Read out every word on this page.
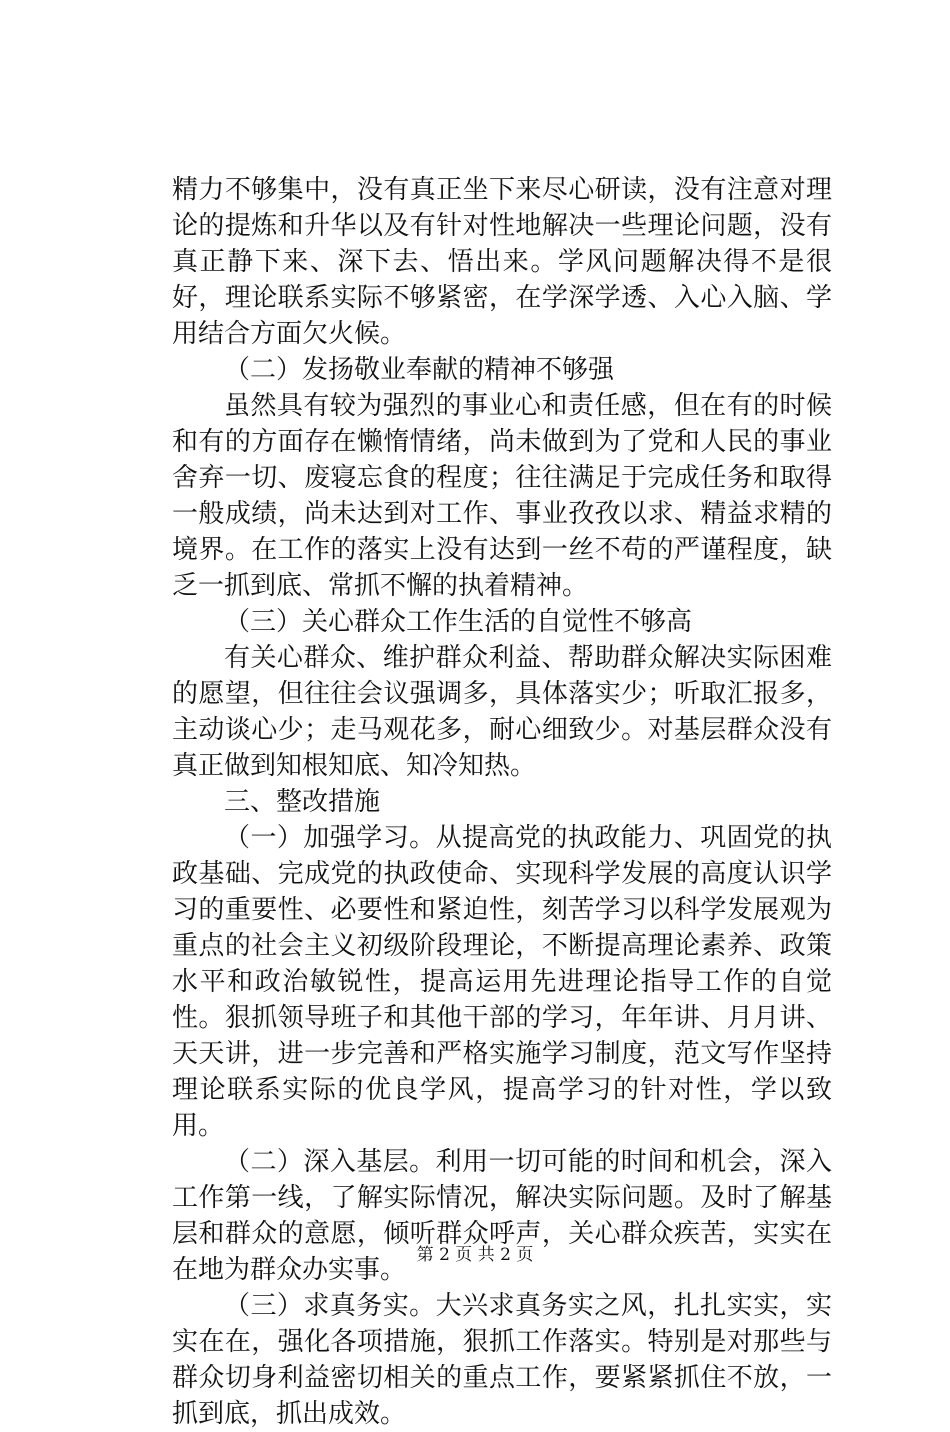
精力不够集中，没有真正坐下来尽心研读，没有注意对理论的提炼和升华以及有针对性地解决一些理论问题，没有真正静下来、深下去、悟出来。学风问题解决得不是很好，理论联系实际不够紧密，在学深学透、入心入脑、学用结合方面欠火候。

（二）发扬敬业奉献的精神不够强

虽然具有较为强烈的事业心和责任感，但在有的时候和有的方面存在懒惰情绪，尚未做到为了党和人民的事业舍弃一切、废寝忘食的程度；往往满足于完成任务和取得一般成绩，尚未达到对工作、事业孜孜以求、精益求精的境界。在工作的落实上没有达到一丝不苟的严谨程度，缺乏一抓到底、常抓不懈的执着精神。

（三）关心群众工作生活的自觉性不够高

有关心群众、维护群众利益、帮助群众解决实际困难的愿望，但往往会议强调多，具体落实少；听取汇报多，主动谈心少；走马观花多，耐心细致少。对基层群众没有真正做到知根知底、知冷知热。

三、整改措施

（一）加强学习。从提高党的执政能力、巩固党的执政基础、完成党的执政使命、实现科学发展的高度认识学习的重要性、必要性和紧迫性，刻苦学习以科学发展观为重点的社会主义初级阶段理论，不断提高理论素养、政策水平和政治敏锐性，提高运用先进理论指导工作的自觉性。狠抓领导班子和其他干部的学习，年年讲、月月讲、天天讲，进一步完善和严格实施学习制度，范文写作坚持理论联系实际的优良学风，提高学习的针对性，学以致用。

（二）深入基层。利用一切可能的时间和机会，深入工作第一线，了解实际情况，解决实际问题。及时了解基层和群众的意愿，倾听群众呼声，关心群众疾苦，实实在在地为群众办实事。

（三）求真务实。大兴求真务实之风，扎扎实实，实实在在，强化各项措施，狠抓工作落实。特别是对那些与群众切身利益密切相关的重点工作，要紧紧抓住不放，一抓到底，抓出成效。

第 2 页 共 2 页
